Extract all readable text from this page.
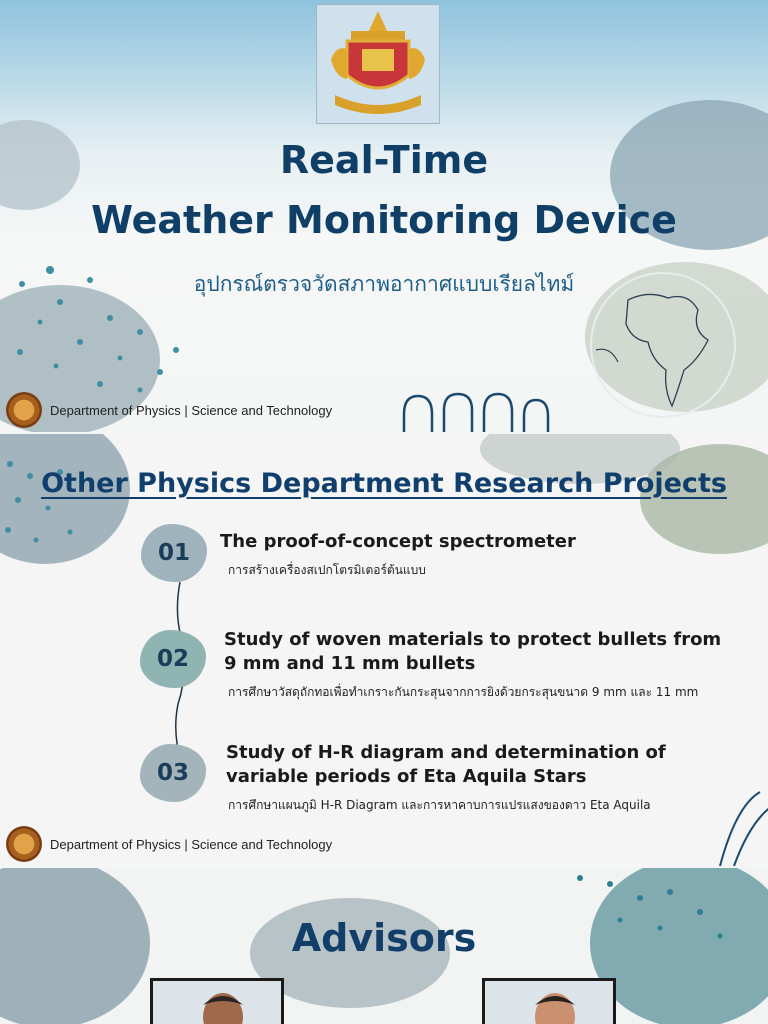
Real-Time
Weather Monitoring Device
อุปกรณ์ตรวจวัดสภาพอากาศแบบเรียลไทม์
Department of Physics | Science and Technology
Other Physics Department Research Projects
01	The proof-of-concept spectrometer
การสร้างเครื่องสเปกโตรมิเตอร์ต้นแบบ
02
Study of woven materials to protect bullets from
9 mm and 11 mm bullets
การศึกษาวัสดุถักทอเพื่อทำเกราะกันกระสุนจากการยิงด้วยกระสุนขนาด 9 mm และ 11 mm
03
Study of H-R diagram and determination of
variable periods of Eta Aquila Stars
การศึกษาแผนภูมิ H-R Diagram และการหาคาบการแปรแสงของดาว Eta Aquila
Department of Physics | Science and Technology
Advisors
